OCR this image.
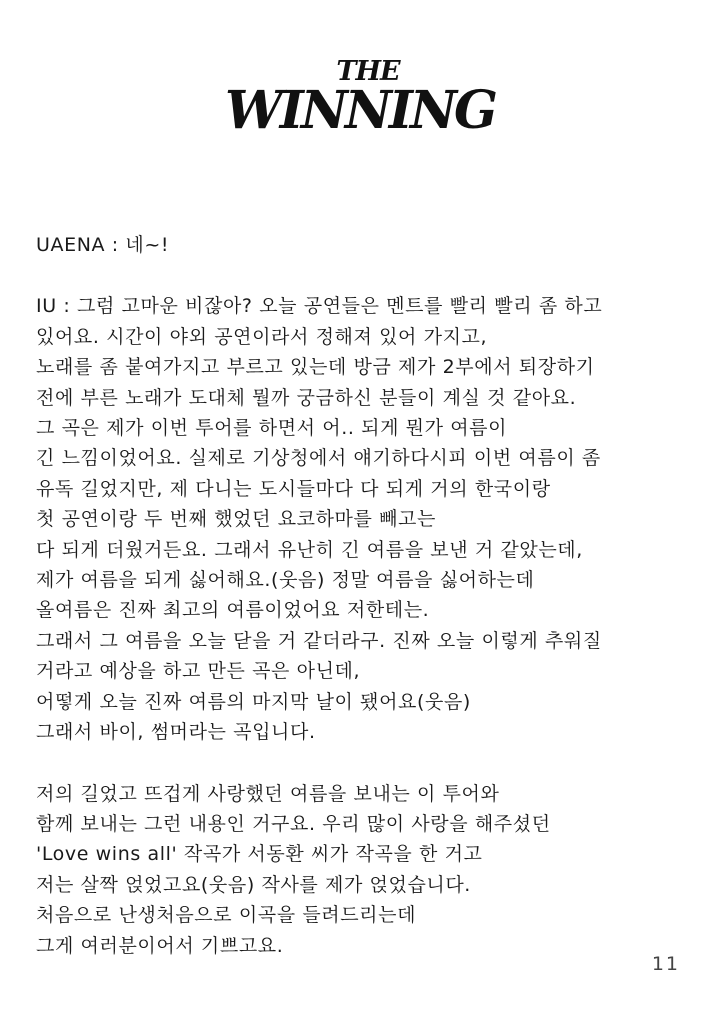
THE
WINNING

UAENA : 네~!

IU : 그럼 고마운 비잖아? 오늘 공연들은 멘트를 빨리 빨리 좀 하고
있어요. 시간이 야외 공연이라서 정해져 있어 가지고,
노래를 좀 붙여가지고 부르고 있는데 방금 제가 2부에서 퇴장하기
전에 부른 노래가 도대체 뭘까 궁금하신 분들이 계실 것 같아요.
그 곡은 제가 이번 투어를 하면서 어.. 되게 뭔가 여름이
긴 느낌이었어요. 실제로 기상청에서 얘기하다시피 이번 여름이 좀
유독 길었지만, 제 다니는 도시들마다 다 되게 거의 한국이랑
첫 공연이랑 두 번째 했었던 요코하마를 빼고는
다 되게 더웠거든요. 그래서 유난히 긴 여름을 보낸 거 같았는데,
제가 여름을 되게 싫어해요.(웃음) 정말 여름을 싫어하는데
올여름은 진짜 최고의 여름이었어요 저한테는.
그래서 그 여름을 오늘 닫을 거 같더라구. 진짜 오늘 이렇게 추워질
거라고 예상을 하고 만든 곡은 아닌데,
어떻게 오늘 진짜 여름의 마지막 날이 됐어요(웃음)
그래서 바이, 썸머라는 곡입니다.

저의 길었고 뜨겁게 사랑했던 여름을 보내는 이 투어와
함께 보내는 그런 내용인 거구요. 우리 많이 사랑을 해주셨던
'Love wins all' 작곡가 서동환 씨가 작곡을 한 거고
저는 살짝 얹었고요(웃음) 작사를 제가 얹었습니다.
처음으로 난생처음으로 이곡을 들려드리는데
그게 여러분이어서 기쁘고요.

11
